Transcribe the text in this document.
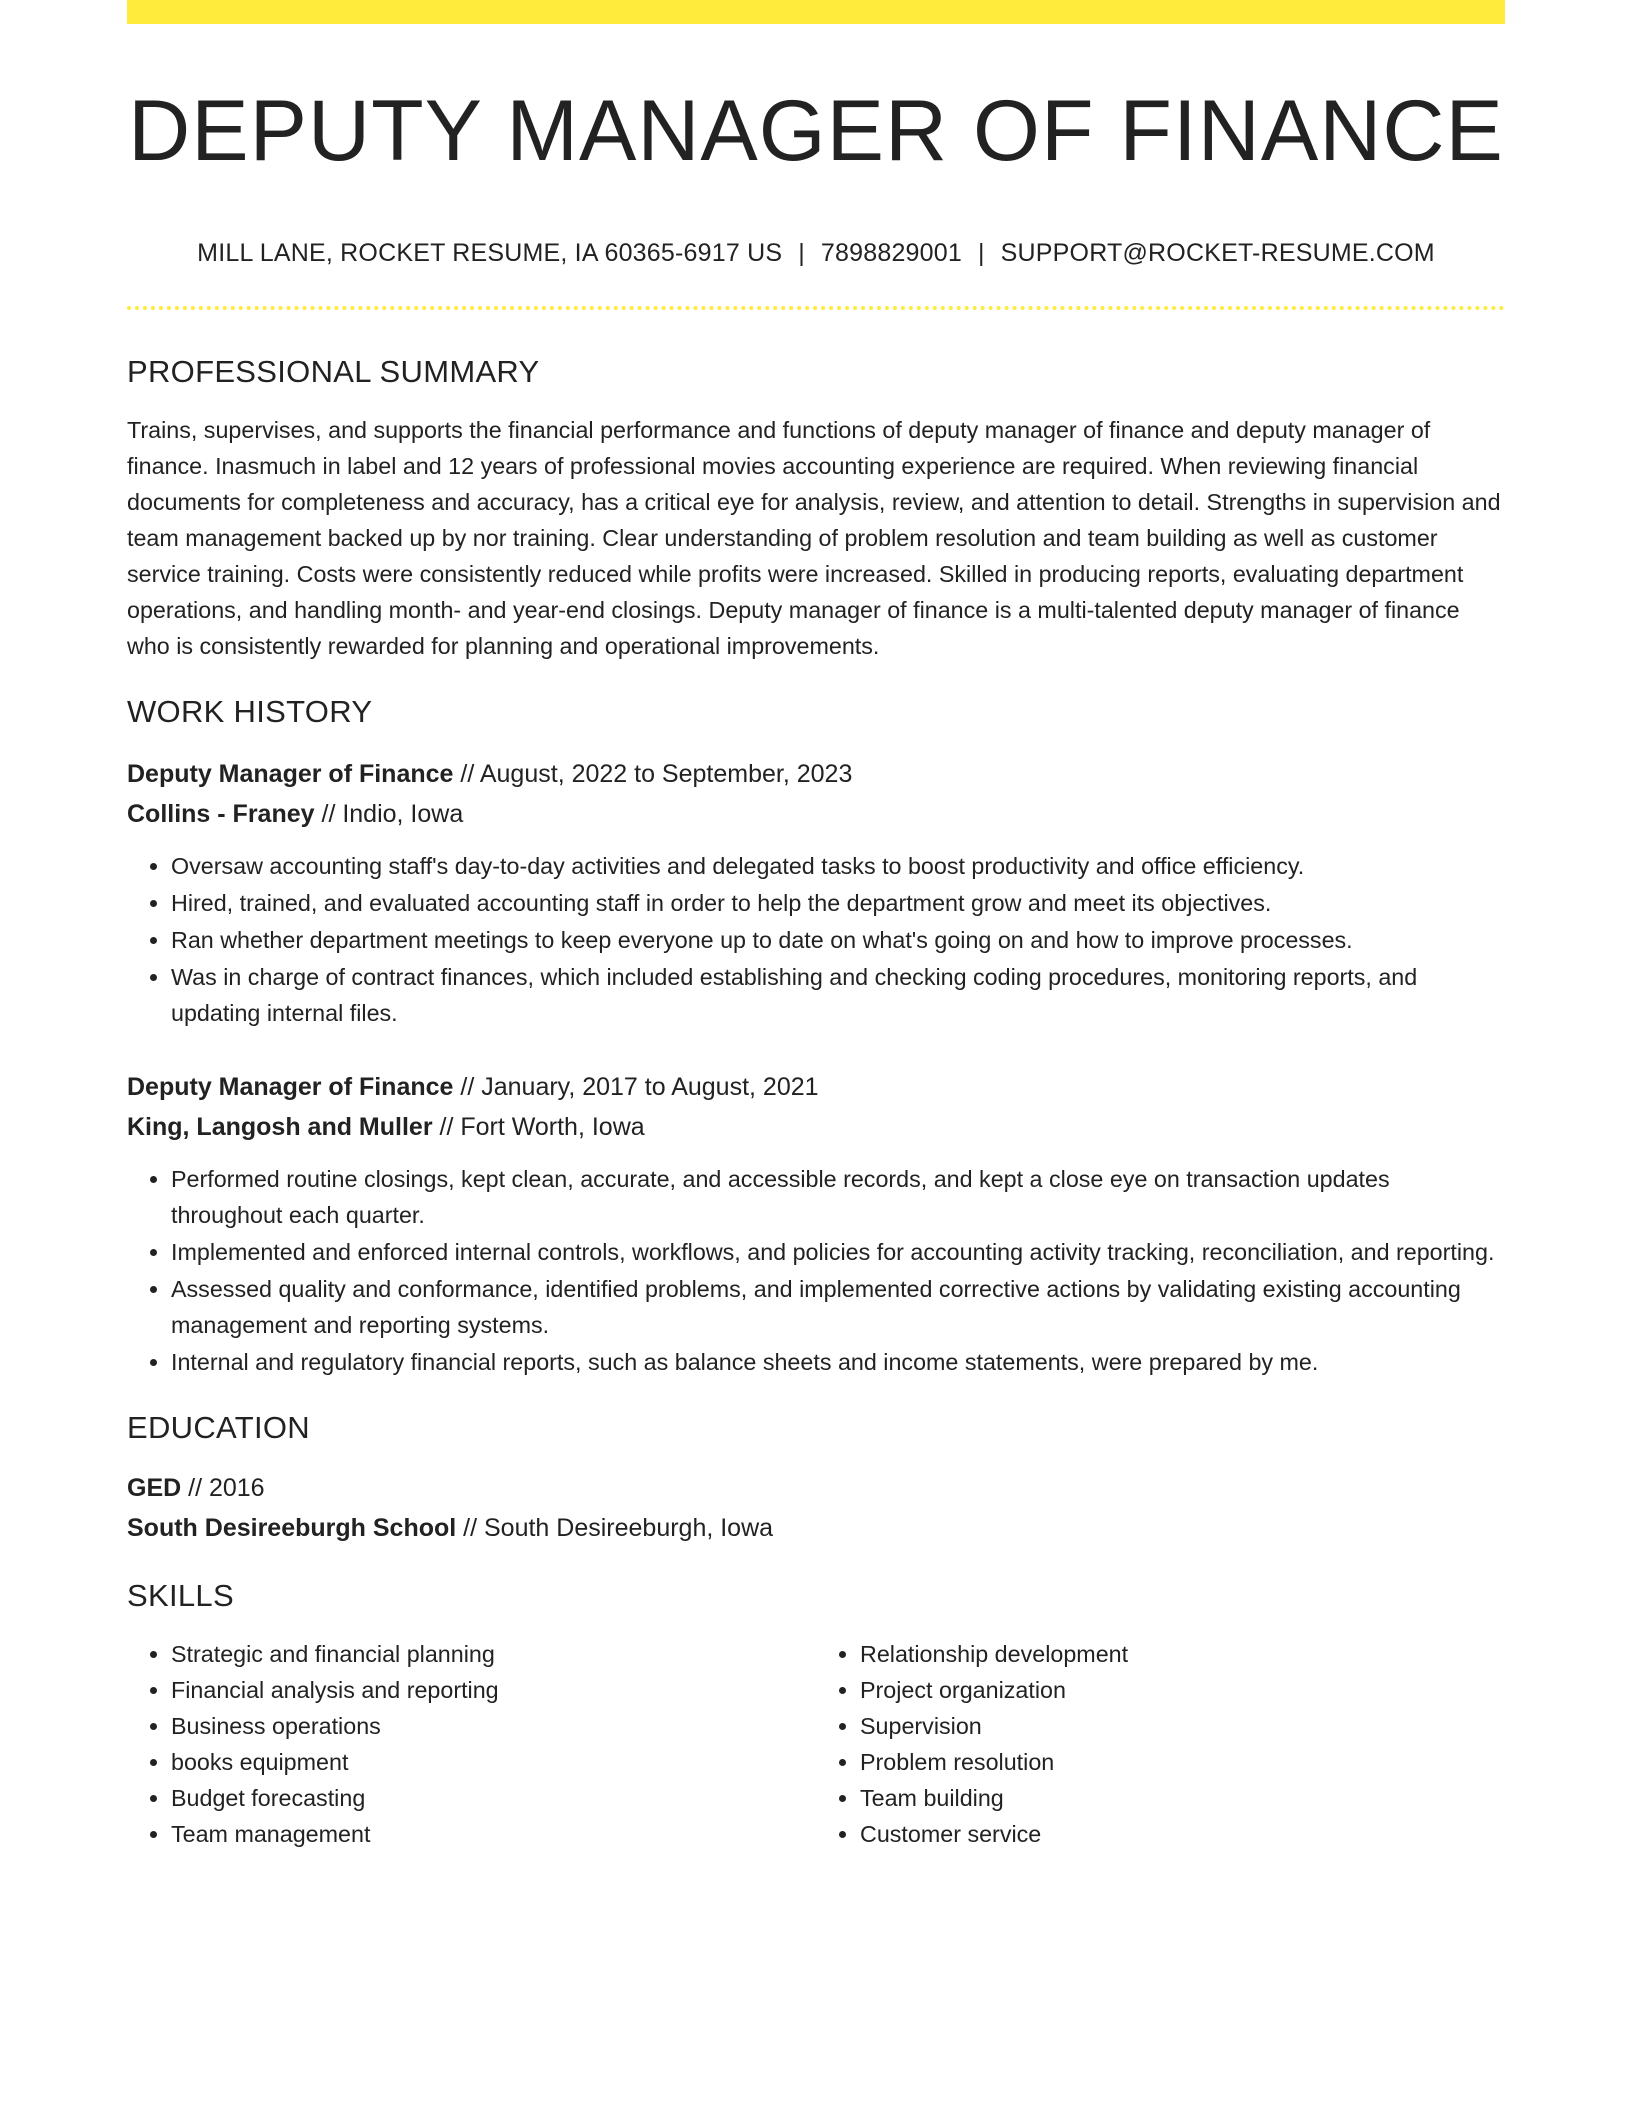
DEPUTY MANAGER OF FINANCE
MILL LANE, ROCKET RESUME, IA 60365-6917 US | 7898829001 | SUPPORT@ROCKET-RESUME.COM
PROFESSIONAL SUMMARY
Trains, supervises, and supports the financial performance and functions of deputy manager of finance and deputy manager of finance. Inasmuch in label and 12 years of professional movies accounting experience are required. When reviewing financial documents for completeness and accuracy, has a critical eye for analysis, review, and attention to detail. Strengths in supervision and team management backed up by nor training. Clear understanding of problem resolution and team building as well as customer service training. Costs were consistently reduced while profits were increased. Skilled in producing reports, evaluating department operations, and handling month- and year-end closings. Deputy manager of finance is a multi-talented deputy manager of finance who is consistently rewarded for planning and operational improvements.
WORK HISTORY
Deputy Manager of Finance // August, 2022 to September, 2023
Collins - Franey // Indio, Iowa
• Oversaw accounting staff's day-to-day activities and delegated tasks to boost productivity and office efficiency.
• Hired, trained, and evaluated accounting staff in order to help the department grow and meet its objectives.
• Ran whether department meetings to keep everyone up to date on what's going on and how to improve processes.
• Was in charge of contract finances, which included establishing and checking coding procedures, monitoring reports, and updating internal files.
Deputy Manager of Finance // January, 2017 to August, 2021
King, Langosh and Muller // Fort Worth, Iowa
• Performed routine closings, kept clean, accurate, and accessible records, and kept a close eye on transaction updates throughout each quarter.
• Implemented and enforced internal controls, workflows, and policies for accounting activity tracking, reconciliation, and reporting.
• Assessed quality and conformance, identified problems, and implemented corrective actions by validating existing accounting management and reporting systems.
• Internal and regulatory financial reports, such as balance sheets and income statements, were prepared by me.
EDUCATION
GED // 2016
South Desireeburgh School // South Desireeburgh, Iowa
SKILLS
• Strategic and financial planning
• Financial analysis and reporting
• Business operations
• books equipment
• Budget forecasting
• Team management
• Relationship development
• Project organization
• Supervision
• Problem resolution
• Team building
• Customer service
